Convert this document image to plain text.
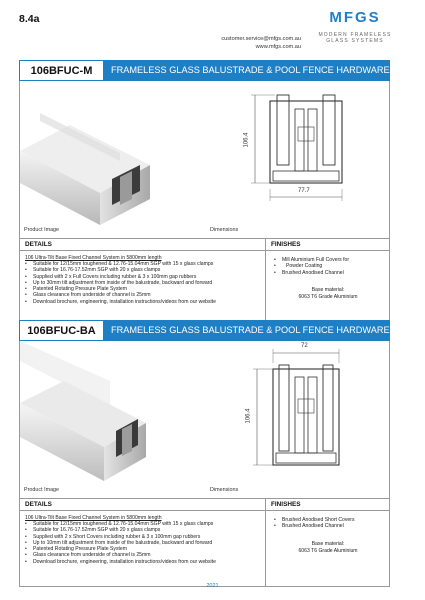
8.4a
customer.service@mfgs.com.au
www.mfgs.com.au
MFGS
MODERN FRAMELESS
GLASS SYSTEMS
106BFUC-M	FRAMELESS GLASS BALUSTRADE & POOL FENCE HARDWARE
Product Image	Dimensions
106.4
77.7
DETAILS
106 Ultra-Tilt Base Fixed Channel System in 5800mm length
• Suitable for 12/15mm toughened & 12.76-15.04mm SGP with 15 x glass clamps
• Suitable for 16.76-17.52mm SGP with 20 x glass clamps
• Supplied with 2 x Full Covers including rubber & 3 x 100mm gap rubbers
• Up to 30mm tilt adjustment from inside of the balustrade, backward and forward
• Patented Rotating Pressure Plate System
• Glass clearance from underside of channel is 25mm
• Download brochure, engineering, installation instructions/videos from our website
FINISHES
• Mill Aluminium Full Covers for
• Powder Coating
• Brushed Anodised Channel
Base material:
6063 T6 Grade Aluminium
106BFUC-BA	FRAMELESS GLASS BALUSTRADE & POOL FENCE HARDWARE
Product Image	Dimensions
106.4
72
DETAILS
106 Ultra-Tilt Base Fixed Channel System in 5800mm length
• Suitable for 12/15mm toughened & 12.76-15.04mm SGP with 15 x glass clamps
• Suitable for 16.76-17.52mm SGP with 20 x glass clamps
• Supplied with 2 x Short Covers including rubber & 3 x 100mm gap rubbers
• Up to 10mm tilt adjustment from inside of the balustrade, backward and forward
• Patented Rotating Pressure Plate System
• Glass clearance from underside of channel is 25mm
• Download brochure, engineering, installation instructions/videos from our website
FINISHES
• Brushed Anodised Short Covers
• Brushed Anodised Channel
Base material:
6063 T6 Grade Aluminium
2021
